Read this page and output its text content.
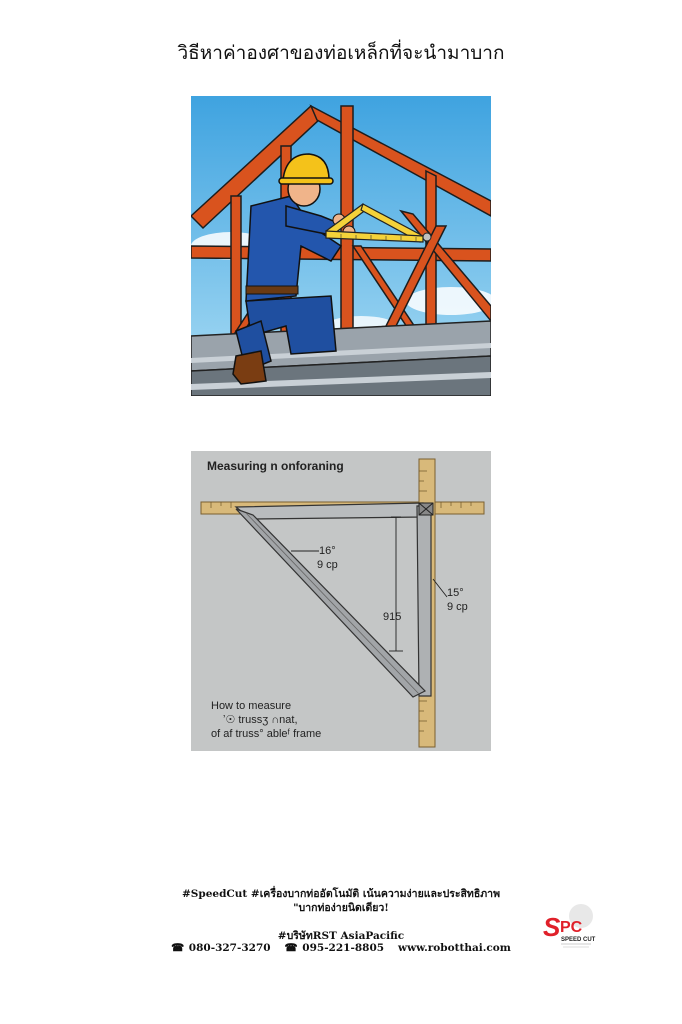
วิธีหาค่าองศาของท่อเหล็กที่จะนำมาบาก
Measuring n onforaning
16°
9 cp
15°
9 cp
915
How to measure
ʼ☉ trussʒ ∩nat,
of af truss° ableᶠ frame
#SpeedCut #เครื่องบากท่ออัตโนมัติ เน้นความง่ายและประสิทธิภาพ
"บากท่อง่ายนิดเดียว!
#บริษัทRST AsiaPacific
☎ 080-327-3270 ☎ 095-221-8805 www.robotthai.com
S PC
SPEED CUT
